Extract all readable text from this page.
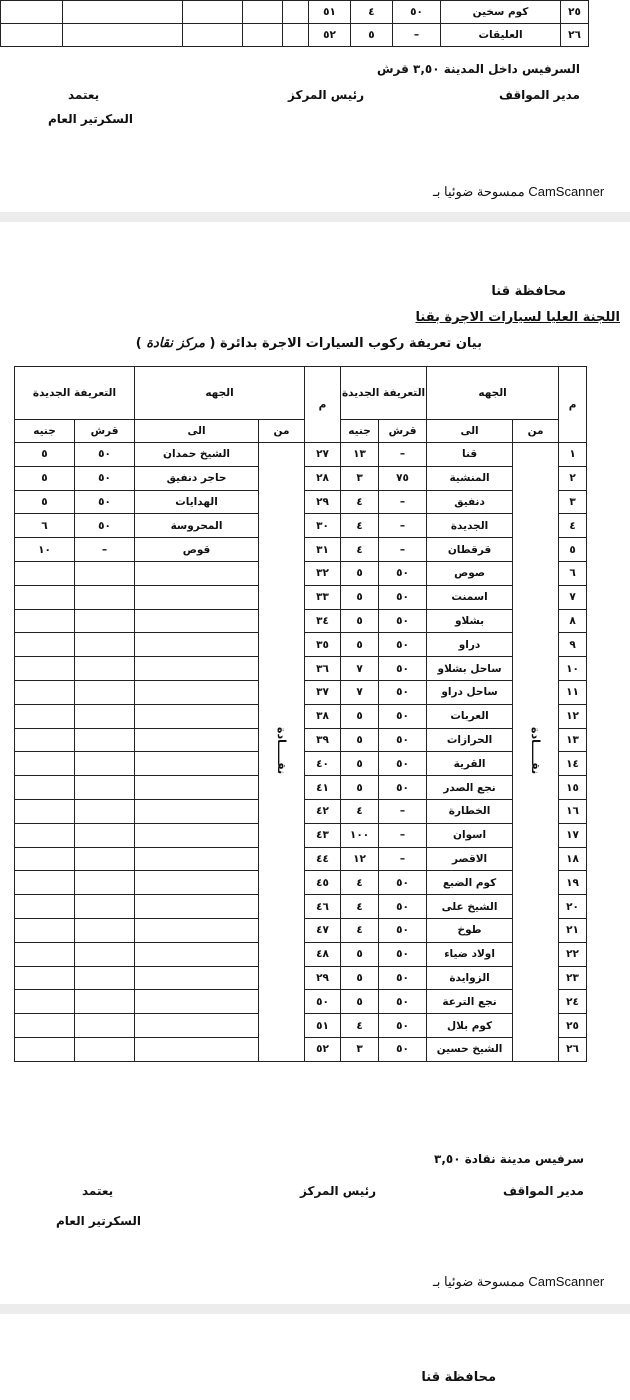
٢٥	كوم سخين	٥٠	٤	٥١					
٢٦	العليقات	–	٥	٥٢					
السرفيس داخل المدينة ٣,٥٠ قرش
مدير المواقف
رئيس المركز
يعتمد
السكرتير العام
ممسوحة ضوئيا بـ CamScanner
محافظة قنا
اللجنة العليا لسيارات الاجرة بقنا
بيان تعريفة ركوب السيارات الاجرة بدائرة ( مركز نقادة )
م	الجهه		التعريفة الجديدة		م	الجهه		التعريفة الجديدة	
	من	الى	قرش	جنيه		من	الى	قرش	جنيه
١	نقـــــادة	قنا	–	١٣	٢٧	نقـــــادة	الشيخ حمدان	٥٠	٥
٢		المنشية	٧٥	٣	٢٨		حاجر دنفيق	٥٠	٥
٣		دنفيق	–	٤	٢٩		الهدايات	٥٠	٥
٤		الجديدة	–	٤	٣٠		المحروسة	٥٠	٦
٥		قرقطان	–	٤	٣١		قوص	–	١٠
٦		صوص	٥٠	٥	٣٢				
٧		اسمنت	٥٠	٥	٣٣				
٨		بشلاو	٥٠	٥	٣٤				
٩		دراو	٥٠	٥	٣٥				
١٠		ساحل بشلاو	٥٠	٧	٣٦				
١١		ساحل دراو	٥٠	٧	٣٧				
١٢		العربات	٥٠	٥	٣٨				
١٣		الحرازات	٥٠	٥	٣٩				
١٤		القرية	٥٠	٥	٤٠				
١٥		نجع الصدر	٥٠	٥	٤١				
١٦		الخطارة	–	٤	٤٢				
١٧		اسوان	–	١٠٠	٤٣				
١٨		الاقصر	–	١٢	٤٤				
١٩		كوم الضبع	٥٠	٤	٤٥				
٢٠		الشيخ على	٥٠	٤	٤٦				
٢١		طوخ	٥٠	٤	٤٧				
٢٢		اولاد ضياء	٥٠	٥	٤٨				
٢٣		الزوايدة	٥٠	٥	٢٩				
٢٤		نجع الترعة	٥٠	٥	٥٠				
٢٥		كوم بلال	٥٠	٤	٥١				
٢٦		الشيخ حسين	٥٠	٣	٥٢				
سرفيس مدينة نقادة ٣,٥٠
مدير المواقف
رئيس المركز
يعتمد
السكرتير العام
ممسوحة ضوئيا بـ CamScanner
محافظة قنا
